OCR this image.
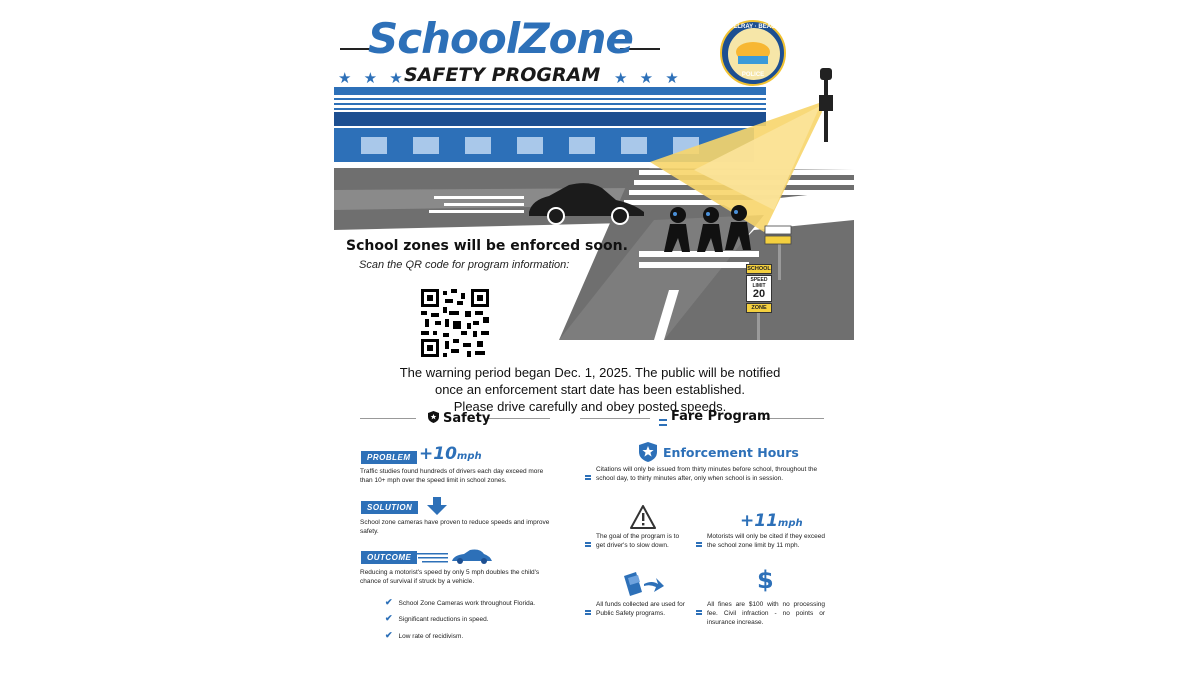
SchoolZone
SAFETY PROGRAM
★ ★ ★	★ ★ ★
DELRAY · BEACH
POLICE
SCHOOL
SPEED
LIMIT
20
ZONE
School zones will be enforced soon.
Scan the QR code for program information:
The warning period began Dec. 1, 2025. The public will be notified
once an enforcement start date has been established.
Please drive carefully and obey posted speeds.
Safety	Fare Program
PROBLEM +10mph
Traffic studies found hundreds of drivers each day exceed more than 10+ mph over the speed limit in school zones.
SOLUTION
School zone cameras have proven to reduce speeds and improve safety.
OUTCOME
Reducing a motorist's speed by only 5 mph doubles the child's chance of survival if struck by a vehicle.
✔ School Zone Cameras work throughout Florida.
✔ Significant reductions in speed.
✔ Low rate of recidivism.
Enforcement Hours
Citations will only be issued from thirty minutes before school, throughout the school day, to thirty minutes after, only when school is in session.
The goal of the program is to get driver's to slow down.
+11mph
Motorists will only be cited if they exceed the school zone limit by 11 mph.
All funds collected are used for Public Safety programs.
$
All fines are $100 with no processing fee. Civil infraction - no points or insurance increase.
